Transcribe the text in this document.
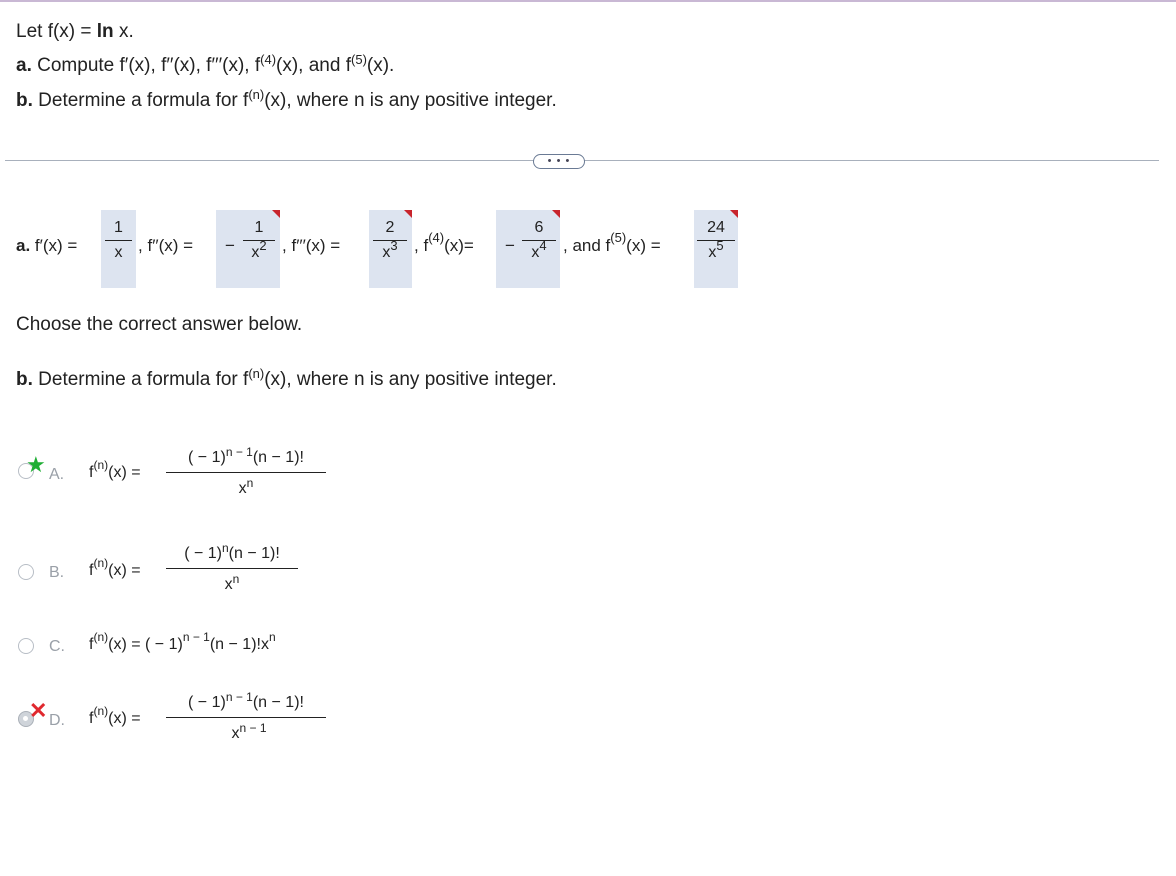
Let f(x) = ln x.
a. Compute f′(x), f′′(x), f′′′(x), $f^{(4)}(x)$, and $f^{(5)}(x)$.
b. Determine a formula for $f^{(n)}(x)$, where n is any positive integer.
• • •
a. f′(x) =
1
x , f′′(x) = −
1
$x^2$ , f′′′(x) =
2
$x^3$ , $f^{(4)}(x)=$ −
6
$x^4$ , and $f^{(5)}(x)$ =
24
$x^5$
Choose the correct answer below.
b. Determine a formula for $f^{(n)}(x)$, where n is any positive integer.
★ A. $f^{(n)}(x)$ =
( − 1)$^{n - 1}$(n − 1)!
$x^n$
B. $f^{(n)}(x)$ =
( − 1)$^n$(n − 1)!
$x^n$
C. $f^{(n)}(x)$ = ( − $1)^{n - 1}(n - 1)!x^n$
✕ D. $f^{(n)}(x)$ =
( − 1)$^{n - 1}$(n − 1)!
$x^{n - 1}$
